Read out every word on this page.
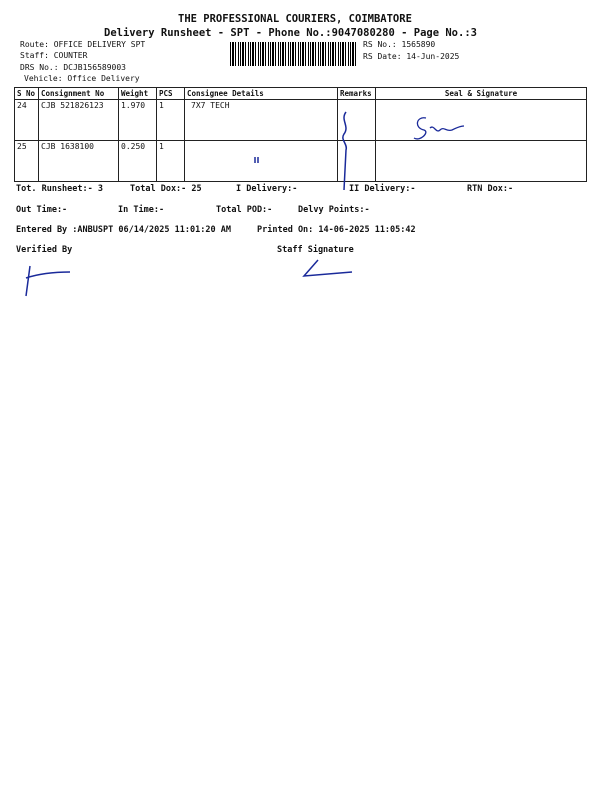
THE PROFESSIONAL COURIERS, COIMBATORE
Delivery Runsheet - SPT - Phone No.:9047080280 - Page No.:3
Route: OFFICE DELIVERY SPT
Staff: COUNTER
DRS No.: DCJB156589003
Vehicle: Office Delivery
RS No.: 1565890
RS Date: 14-Jun-2025
S No	Consignment No	Weight	PCS	Consignee Details	Remarks	Seal & Signature
24	CJB 521826123	1.970	1	7X7 TECH		
25	CJB 1638100	0.250	1			
Tot. Runsheet:- 3	Total Dox:- 25	I Delivery:-	II Delivery:-	RTN Dox:-
Out Time:-	In Time:-	Total POD:-	Delvy Points:-
Entered By :ANBUSPT 06/14/2025 11:01:20 AM	Printed On: 14-06-2025 11:05:42
Verified By	Staff Signature
